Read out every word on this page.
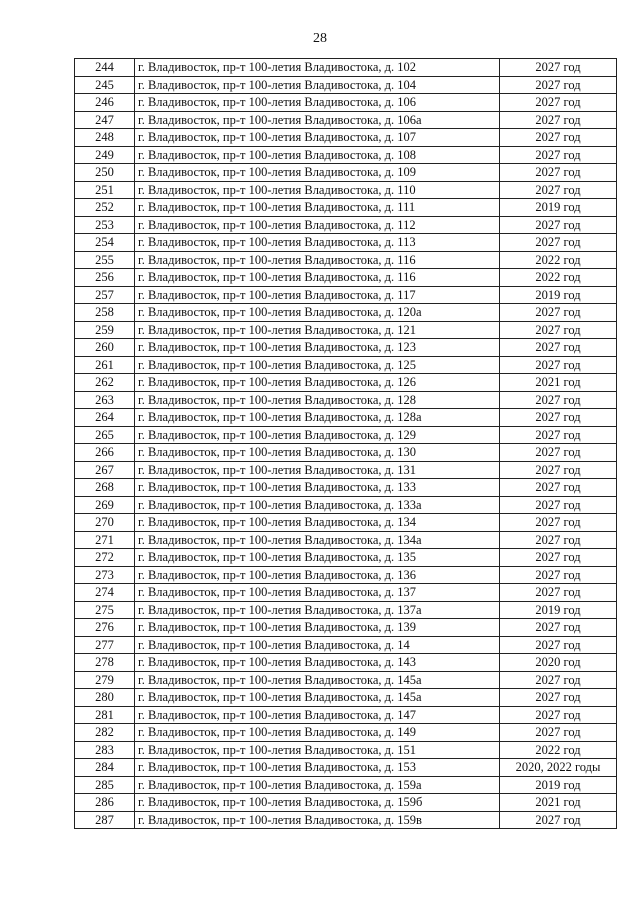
28
244	г. Владивосток, пр-т 100-летия Владивостока, д. 102	2027 год
245	г. Владивосток, пр-т 100-летия Владивостока, д. 104	2027 год
246	г. Владивосток, пр-т 100-летия Владивостока, д. 106	2027 год
247	г. Владивосток, пр-т 100-летия Владивостока, д. 106а	2027 год
248	г. Владивосток, пр-т 100-летия Владивостока, д. 107	2027 год
249	г. Владивосток, пр-т 100-летия Владивостока, д. 108	2027 год
250	г. Владивосток, пр-т 100-летия Владивостока, д. 109	2027 год
251	г. Владивосток, пр-т 100-летия Владивостока, д. 110	2027 год
252	г. Владивосток, пр-т 100-летия Владивостока, д. 111	2019 год
253	г. Владивосток, пр-т 100-летия Владивостока, д. 112	2027 год
254	г. Владивосток, пр-т 100-летия Владивостока, д. 113	2027 год
255	г. Владивосток, пр-т 100-летия Владивостока, д. 116	2022 год
256	г. Владивосток, пр-т 100-летия Владивостока, д. 116	2022 год
257	г. Владивосток, пр-т 100-летия Владивостока, д. 117	2019 год
258	г. Владивосток, пр-т 100-летия Владивостока, д. 120а	2027 год
259	г. Владивосток, пр-т 100-летия Владивостока, д. 121	2027 год
260	г. Владивосток, пр-т 100-летия Владивостока, д. 123	2027 год
261	г. Владивосток, пр-т 100-летия Владивостока, д. 125	2027 год
262	г. Владивосток, пр-т 100-летия Владивостока, д. 126	2021 год
263	г. Владивосток, пр-т 100-летия Владивостока, д. 128	2027 год
264	г. Владивосток, пр-т 100-летия Владивостока, д. 128а	2027 год
265	г. Владивосток, пр-т 100-летия Владивостока, д. 129	2027 год
266	г. Владивосток, пр-т 100-летия Владивостока, д. 130	2027 год
267	г. Владивосток, пр-т 100-летия Владивостока, д. 131	2027 год
268	г. Владивосток, пр-т 100-летия Владивостока, д. 133	2027 год
269	г. Владивосток, пр-т 100-летия Владивостока, д. 133а	2027 год
270	г. Владивосток, пр-т 100-летия Владивостока, д. 134	2027 год
271	г. Владивосток, пр-т 100-летия Владивостока, д. 134а	2027 год
272	г. Владивосток, пр-т 100-летия Владивостока, д. 135	2027 год
273	г. Владивосток, пр-т 100-летия Владивостока, д. 136	2027 год
274	г. Владивосток, пр-т 100-летия Владивостока, д. 137	2027 год
275	г. Владивосток, пр-т 100-летия Владивостока, д. 137а	2019 год
276	г. Владивосток, пр-т 100-летия Владивостока, д. 139	2027 год
277	г. Владивосток, пр-т 100-летия Владивостока, д. 14	2027 год
278	г. Владивосток, пр-т 100-летия Владивостока, д. 143	2020 год
279	г. Владивосток, пр-т 100-летия Владивостока, д. 145а	2027 год
280	г. Владивосток, пр-т 100-летия Владивостока, д. 145а	2027 год
281	г. Владивосток, пр-т 100-летия Владивостока, д. 147	2027 год
282	г. Владивосток, пр-т 100-летия Владивостока, д. 149	2027 год
283	г. Владивосток, пр-т 100-летия Владивостока, д. 151	2022 год
284	г. Владивосток, пр-т 100-летия Владивостока, д. 153	2020, 2022 годы
285	г. Владивосток, пр-т 100-летия Владивостока, д. 159а	2019 год
286	г. Владивосток, пр-т 100-летия Владивостока, д. 159б	2021 год
287	г. Владивосток, пр-т 100-летия Владивостока, д. 159в	2027 год
